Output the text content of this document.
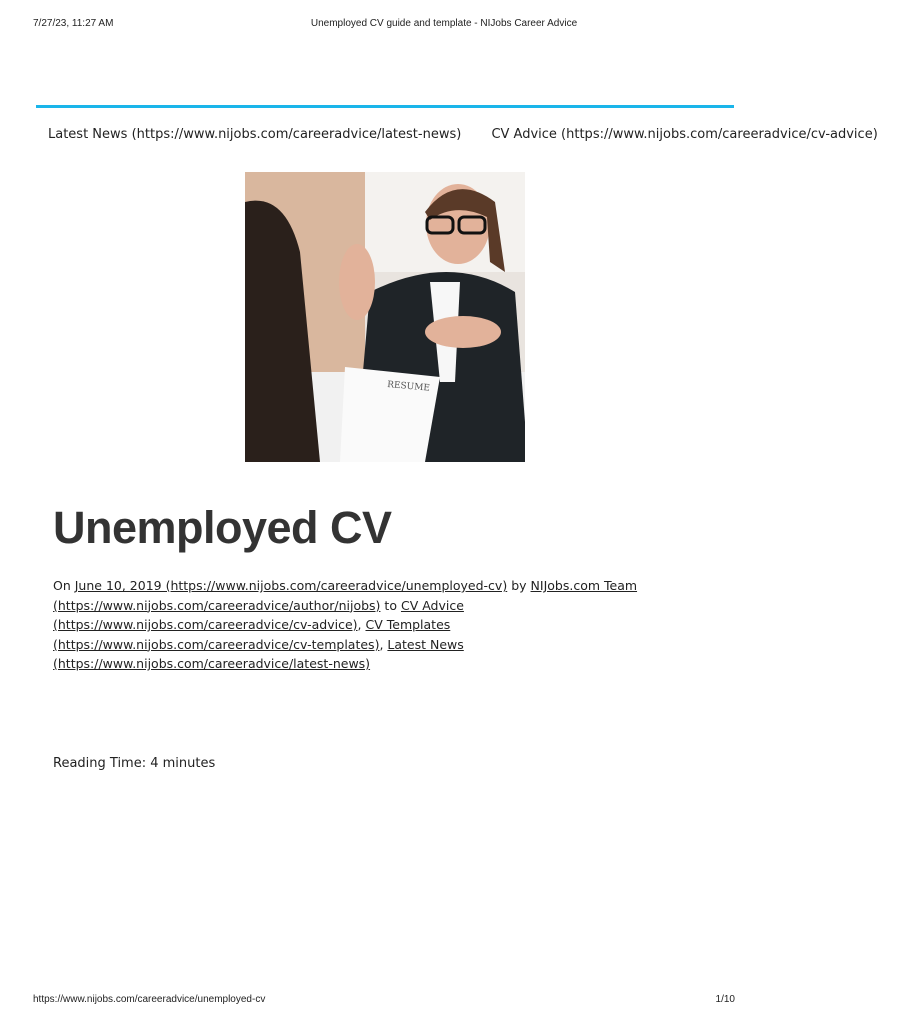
7/27/23, 11:27 AM	Unemployed CV guide and template - NIJobs Career Advice
Latest News (https://www.nijobs.com/careeradvice/latest-news) CV Advice (https://www.nijobs.com/careeradvice/cv-advice)
RESUME
Unemployed CV
On June 10, 2019 (https://www.nijobs.com/careeradvice/unemployed-cv) by NIJobs.com Team (https://www.nijobs.com/careeradvice/author/nijobs) to CV Advice (https://www.nijobs.com/careeradvice/cv-advice), CV Templates (https://www.nijobs.com/careeradvice/cv-templates), Latest News (https://www.nijobs.com/careeradvice/latest-news)
Reading Time: 4 minutes
https://www.nijobs.com/careeradvice/unemployed-cv	1/10
